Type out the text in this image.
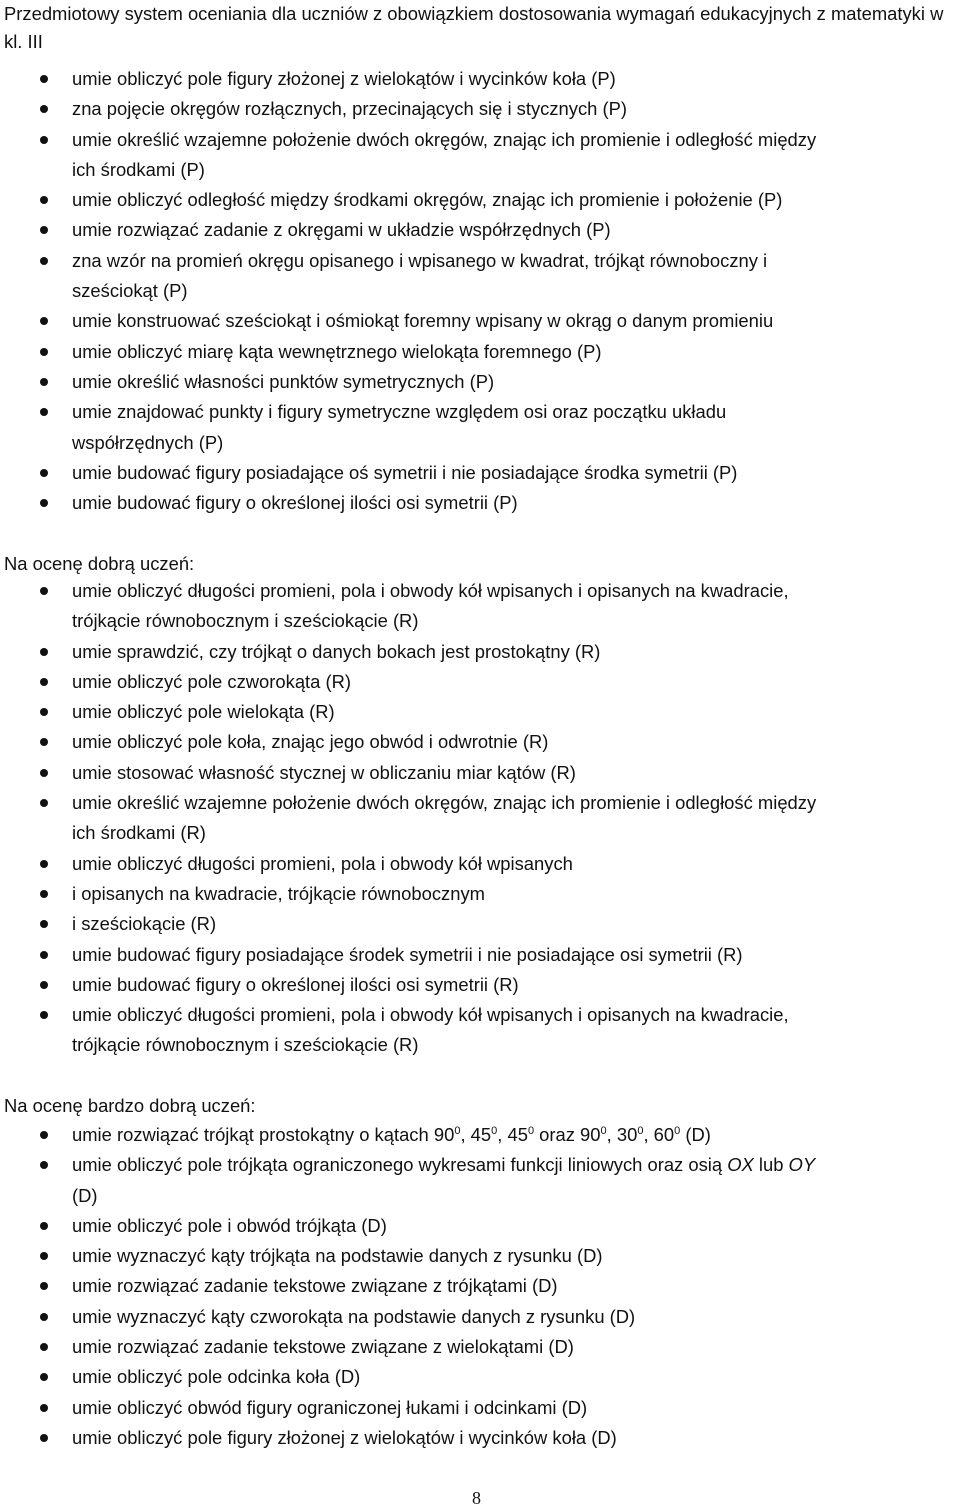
Przedmiotowy system oceniania dla uczniów z obowiązkiem dostosowania wymagań edukacyjnych z matematyki w kl. III
umie obliczyć pole figury złożonej z wielokątów i wycinków koła (P)
zna pojęcie okręgów rozłącznych, przecinających się i stycznych (P)
umie określić wzajemne położenie dwóch okręgów, znając ich promienie i odległość między
ich środkami (P)
umie obliczyć odległość między środkami okręgów, znając ich promienie i położenie (P)
umie rozwiązać zadanie z okręgami w układzie współrzędnych (P)
zna wzór na promień okręgu opisanego i wpisanego w kwadrat, trójkąt równoboczny i
sześciokąt (P)
umie konstruować sześciokąt i ośmiokąt foremny wpisany w okrąg o danym promieniu
umie obliczyć miarę kąta wewnętrznego wielokąta foremnego (P)
umie określić własności punktów symetrycznych (P)
umie znajdować punkty i figury symetryczne względem osi oraz początku układu
współrzędnych (P)
umie budować figury posiadające oś symetrii i nie posiadające środka symetrii (P)
umie budować figury o określonej ilości osi symetrii (P)
Na ocenę dobrą uczeń:
umie obliczyć długości promieni, pola i obwody kół wpisanych i opisanych na kwadracie,
trójkącie równobocznym i sześciokącie (R)
umie sprawdzić, czy trójkąt o danych bokach jest prostokątny (R)
umie obliczyć pole czworokąta (R)
umie obliczyć pole wielokąta (R)
umie obliczyć pole koła, znając jego obwód i odwrotnie (R)
umie stosować własność stycznej w obliczaniu miar kątów (R)
umie określić wzajemne położenie dwóch okręgów, znając ich promienie i odległość między
ich środkami (R)
umie obliczyć długości promieni, pola i obwody kół wpisanych
i opisanych na kwadracie, trójkącie równobocznym
i sześciokącie (R)
umie budować figury posiadające środek symetrii i nie posiadające osi symetrii (R)
umie budować figury o określonej ilości osi symetrii (R)
umie obliczyć długości promieni, pola i obwody kół wpisanych i opisanych na kwadracie,
trójkącie równobocznym i sześciokącie (R)
Na ocenę bardzo dobrą uczeń:
umie rozwiązać trójkąt prostokątny o kątach $90^0$, $45^0$, $45^0$ oraz $90^0$, $30^0$, $60^0$ (D)
umie obliczyć pole trójkąta ograniczonego wykresami funkcji liniowych oraz osią OX lub OY
(D)
umie obliczyć pole i obwód trójkąta (D)
umie wyznaczyć kąty trójkąta na podstawie danych z rysunku (D)
umie rozwiązać zadanie tekstowe związane z trójkątami (D)
umie wyznaczyć kąty czworokąta na podstawie danych z rysunku (D)
umie rozwiązać zadanie tekstowe związane z wielokątami (D)
umie obliczyć pole odcinka koła (D)
umie obliczyć obwód figury ograniczonej łukami i odcinkami (D)
umie obliczyć pole figury złożonej z wielokątów i wycinków koła (D)
8
